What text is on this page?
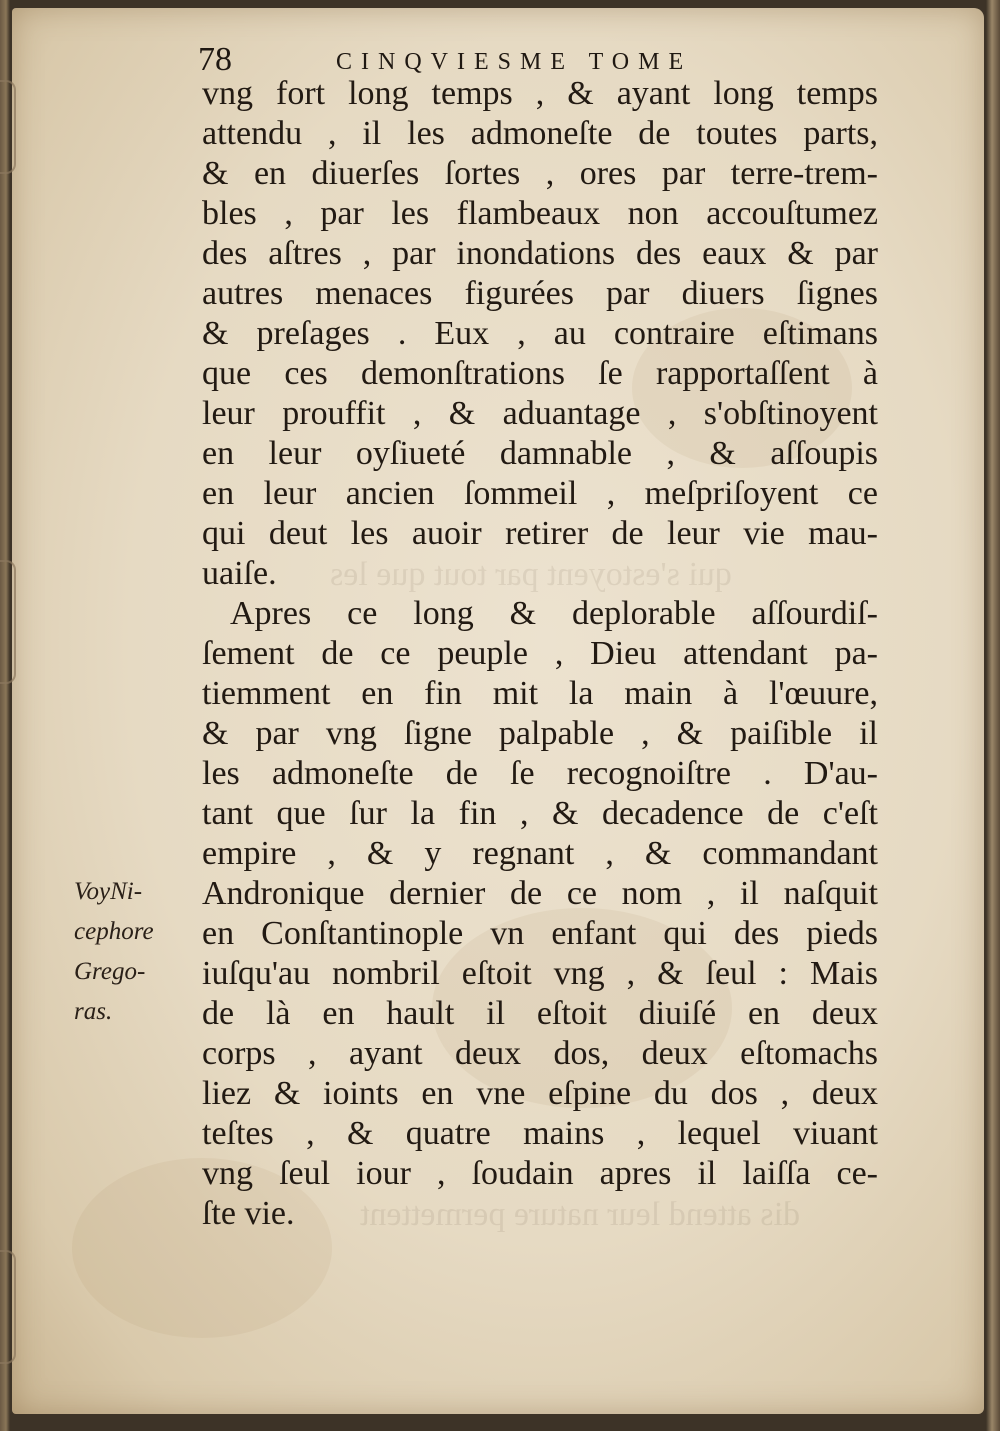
qui s'estoyent par tout que les
dis attend leur nature permettent
78	CINQVIESME TOME
vng fort long temps , & ayant long temps
attendu , il les admoneſte de toutes parts,
& en diuerſes ſortes , ores par terre-trem-
bles , par les flambeaux non accouſtumez
des aſtres , par inondations des eaux & par
autres menaces figurées par diuers ſignes
& preſages . Eux , au contraire eſtimans
que ces demonſtrations ſe rapportaſſent à
leur prouffit , & aduantage , s'obſtinoyent
en leur oyſiueté damnable , & aſſoupis
en leur ancien ſommeil , meſpriſoyent ce
qui deut les auoir retirer de leur vie mau-
uaiſe.
Apres ce long & deplorable aſſourdiſ-
ſement de ce peuple , Dieu attendant pa-
tiemment en fin mit la main à l'œuure,
& par vng ſigne palpable , & paiſible il
les admoneſte de ſe recognoiſtre . D'au-
tant que ſur la fin , & decadence de c'eſt
empire , & y regnant , & commandant
Andronique dernier de ce nom , il naſquit
en Conſtantinople vn enfant qui des pieds
iuſqu'au nombril eſtoit vng , & ſeul : Mais
de là en hault il eſtoit diuiſé en deux
corps , ayant deux dos, deux eſtomachs
liez & ioints en vne eſpine du dos , deux
teſtes , & quatre mains , lequel viuant
vng ſeul iour , ſoudain apres il laiſſa ce-
ſte vie.
VoyNi-
cephore
Grego-
ras.
